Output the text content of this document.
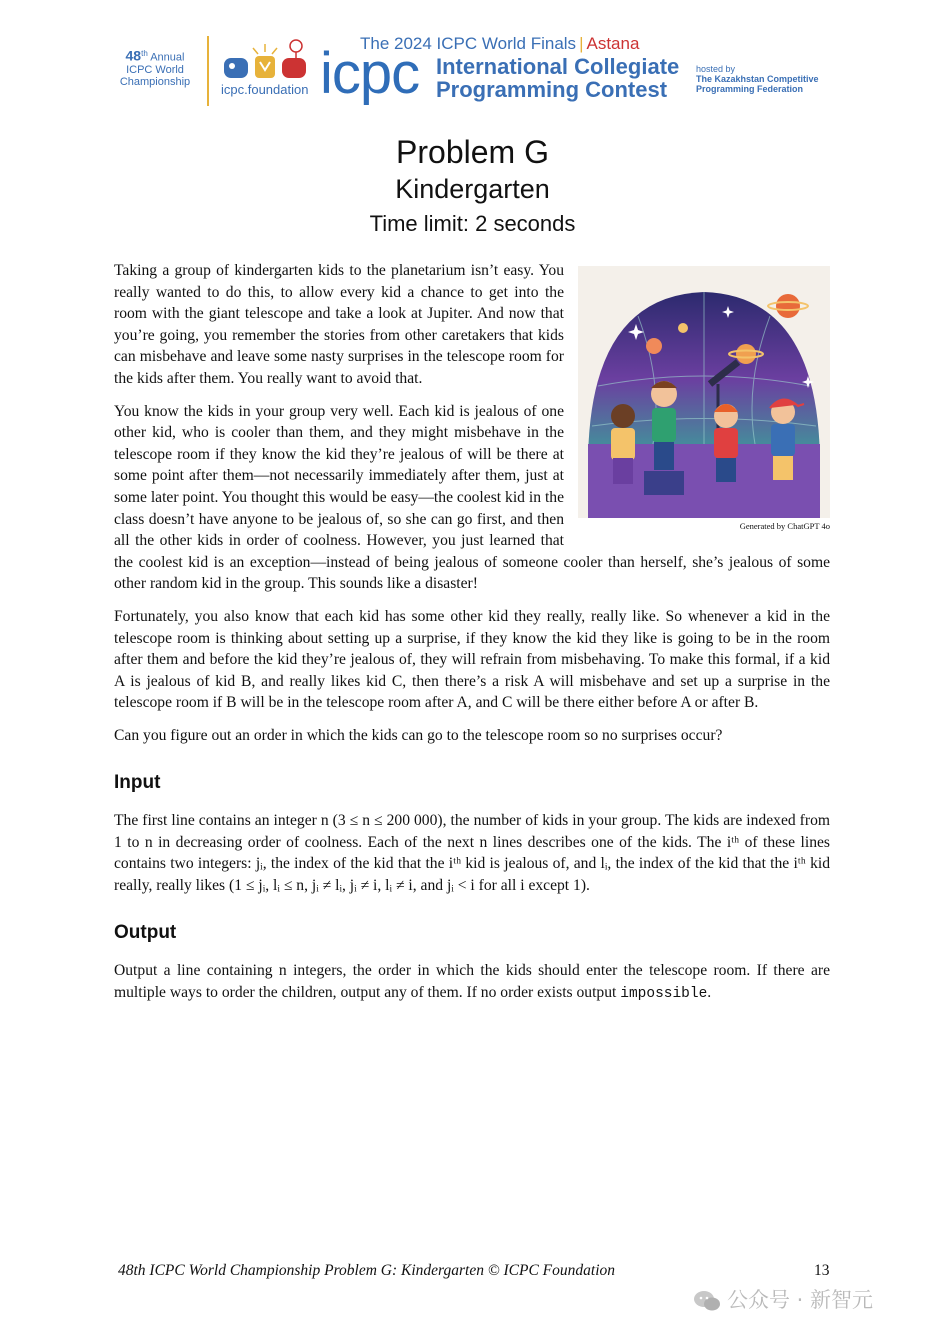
48th Annual
ICPC World
Championship
icpc.foundation icpc
The 2024 ICPC World Finals | Astana
International Collegiate
Programming Contest
hosted by
The Kazakhstan Competitive
Programming Federation
Problem G
Kindergarten
Time limit: 2 seconds
Generated by ChatGPT 4o

Taking a group of kindergarten kids to the planetarium isn’t easy. You really wanted to do this, to allow every kid a chance to get into the room with the giant telescope and take a look at Jupiter. And now that you’re going, you remember the stories from other caretakers that kids can misbehave and leave some nasty surprises in the telescope room for the kids after them. You really want to avoid that.

You know the kids in your group very well. Each kid is jealous of one other kid, who is cooler than them, and they might misbehave in the telescope room if they know the kid they’re jealous of will be there at some point after them—not necessarily immediately after them, just at some later point. You thought this would be easy—the coolest kid in the class doesn’t have anyone to be jealous of, so she can go first, and then all the other kids in order of coolness. However, you just learned that the coolest kid is an exception—instead of being jealous of someone cooler than herself, she’s jealous of some other random kid in the group. This sounds like a disaster!

Fortunately, you also know that each kid has some other kid they really, really like. So whenever a kid in the telescope room is thinking about setting up a surprise, if they know the kid they like is going to be in the room after them and before the kid they’re jealous of, they will refrain from misbehaving. To make this formal, if a kid A is jealous of kid B, and really likes kid C, then there’s a risk A will misbehave and set up a surprise in the telescope room if B will be in the telescope room after A, and C will be there either before A or after B.

Can you figure out an order in which the kids can go to the telescope room so no surprises occur?

Input

The first line contains an integer n (3 ≤ n ≤ 200 000), the number of kids in your group. The kids are indexed from 1 to n in decreasing order of coolness. Each of the next n lines describes one of the kids. The iᵗʰ of these lines contains two integers: jᵢ, the index of the kid that the iᵗʰ kid is jealous of, and lᵢ, the index of the kid that the iᵗʰ kid really, really likes (1 ≤ jᵢ, lᵢ ≤ n, jᵢ ≠ lᵢ, jᵢ ≠ i, lᵢ ≠ i, and jᵢ < i for all i except 1).

Output

Output a line containing n integers, the order in which the kids should enter the telescope room. If there are multiple ways to order the children, output any of them. If no order exists output impossible.

48th ICPC World Championship Problem G: Kindergarten © ICPC Foundation	13
公众号 · 新智元
